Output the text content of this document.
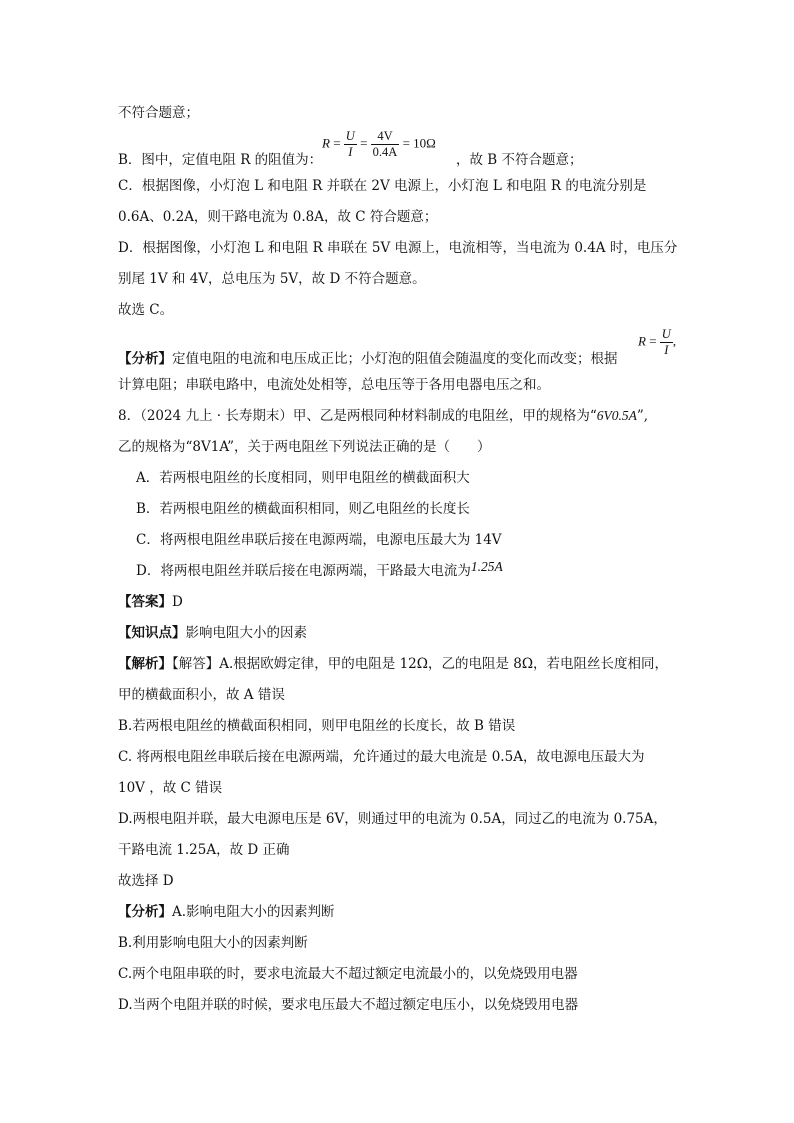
不符合题意；
B．图中，定值电阻 R 的阻值为：
$R = \frac{U}{I} = \frac{4V}{0.4A} = 10\Omega$
，故 B 不符合题意；
C．根据图像，小灯泡 L 和电阻 R 并联在 2V 电源上，小灯泡 L 和电阻 R 的电流分别是
0.6A、0.2A，则干路电流为 0.8A，故 C 符合题意；
D．根据图像，小灯泡 L 和电阻 R 串联在 5V 电源上，电流相等，当电流为 0.4A 时，电压分
别尾 1V 和 4V，总电压为 5V，故 D 不符合题意。
故选 C。
【分析】定值电阻的电流和电压成正比；小灯泡的阻值会随温度的变化而改变；根据
$R = \frac{U}{I}$ ,
计算电阻；串联电路中，电流处处相等，总电压等于各用电器电压之和。
8．（2024 九上 · 长寿期末）甲、乙是两根同种材料制成的电阻丝，甲的规格为“6V0.5A”,
乙的规格为“8V1A”，关于两电阻丝下列说法正确的是（　　）
A．若两根电阻丝的长度相同，则甲电阻丝的横截面积大
B．若两根电阻丝的横截面积相同，则乙电阻丝的长度长
C．将两根电阻丝串联后接在电源两端，电源电压最大为 14V
D．将两根电阻丝并联后接在电源两端，干路最大电流为1.25A
【答案】D
【知识点】影响电阻大小的因素
【解析】【解答】A.根据欧姆定律，甲的电阻是 12Ω，乙的电阻是 8Ω，若电阻丝长度相同，
甲的横截面积小，故 A 错误
B.若两根电阻丝的横截面积相同，则甲电阻丝的长度长，故 B 错误
C. 将两根电阻丝串联后接在电源两端，允许通过的最大电流是 0.5A，故电源电压最大为
10V ，故 C 错误
D.两根电阻并联，最大电源电压是 6V，则通过甲的电流为 0.5A，同过乙的电流为 0.75A，
干路电流 1.25A，故 D 正确
故选择 D
【分析】A.影响电阻大小的因素判断
B.利用影响电阻大小的因素判断
C.两个电阻串联的时，要求电流最大不超过额定电流最小的，以免烧毁用电器
D.当两个电阻并联的时候，要求电压最大不超过额定电压小，以免烧毁用电器
